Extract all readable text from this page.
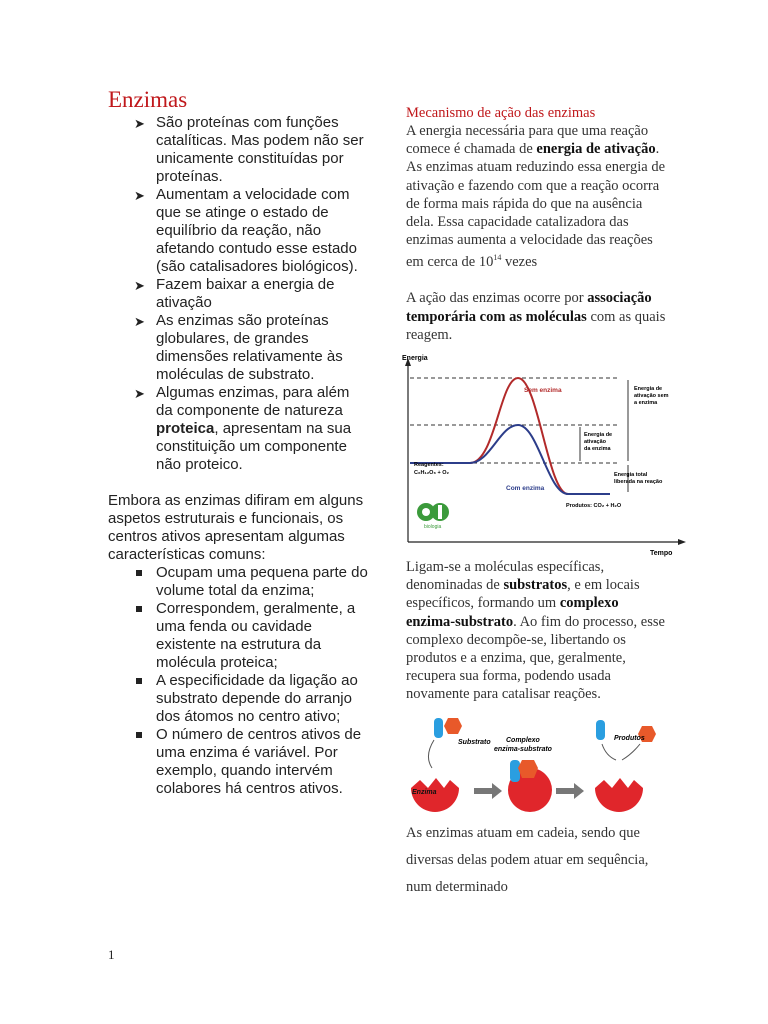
Enzimas
➤ São proteínas com funções catalíticas. Mas podem não ser unicamente constituídas por proteínas.
➤ Aumentam a velocidade com que se atinge o estado de equilíbrio da reação, não afetando contudo esse estado (são catalisadores biológicos).
➤ Fazem baixar a energia de ativação
➤ As enzimas são proteínas globulares, de grandes dimensões relativamente às moléculas de substrato.
➤ Algumas enzimas, para além da componente de natureza proteica, apresentam na sua constituição um componente não proteico.

Embora as enzimas difiram em alguns aspetos estruturais e funcionais, os centros ativos apresentam algumas características comuns:

Ocupam uma pequena parte do volume total da enzima;
Correspondem, geralmente, a uma fenda ou cavidade existente na estrutura da molécula proteica;
A especificidade da ligação ao substrato depende do arranjo dos átomos no centro ativo;
O número de centros ativos de uma enzima é variável. Por exemplo, quando intervém colabores há centros ativos.

Mecanismo de ação das enzimas

A energia necessária para que uma reação comece é chamada de energia de ativação. As enzimas atuam reduzindo essa energia de ativação e fazendo com que a reação ocorra de forma mais rápida do que na ausência dela. Essa capacidade catalizadora das enzimas aumenta a velocidade das reações em cerca de $10^{14}$ vezes

A ação das enzimas ocorre por associação temporária com as moléculas com as quais reagem.

Energia
Tempo
Sem enzima
Com enzima
Energia de ativação sem a enzima
Energia de ativação da enzima
Energia total liberada na reação
Reagentes:
C₆H₁₂O₆ + O₂
Produtos: CO₂ + H₂O
biologia

Ligam-se a moléculas específicas, denominadas de substratos, e em locais específicos, formando um complexo enzima-substrato. Ao fim do processo, esse complexo decompõe-se, libertando os produtos e a enzima, que, geralmente, recupera sua forma, podendo usada novamente para catalisar reações.

Substrato
Enzima
Complexo enzima-substrato
Produtos

As enzimas atuam em cadeia, sendo que diversas delas podem atuar em sequência, num determinado

1
